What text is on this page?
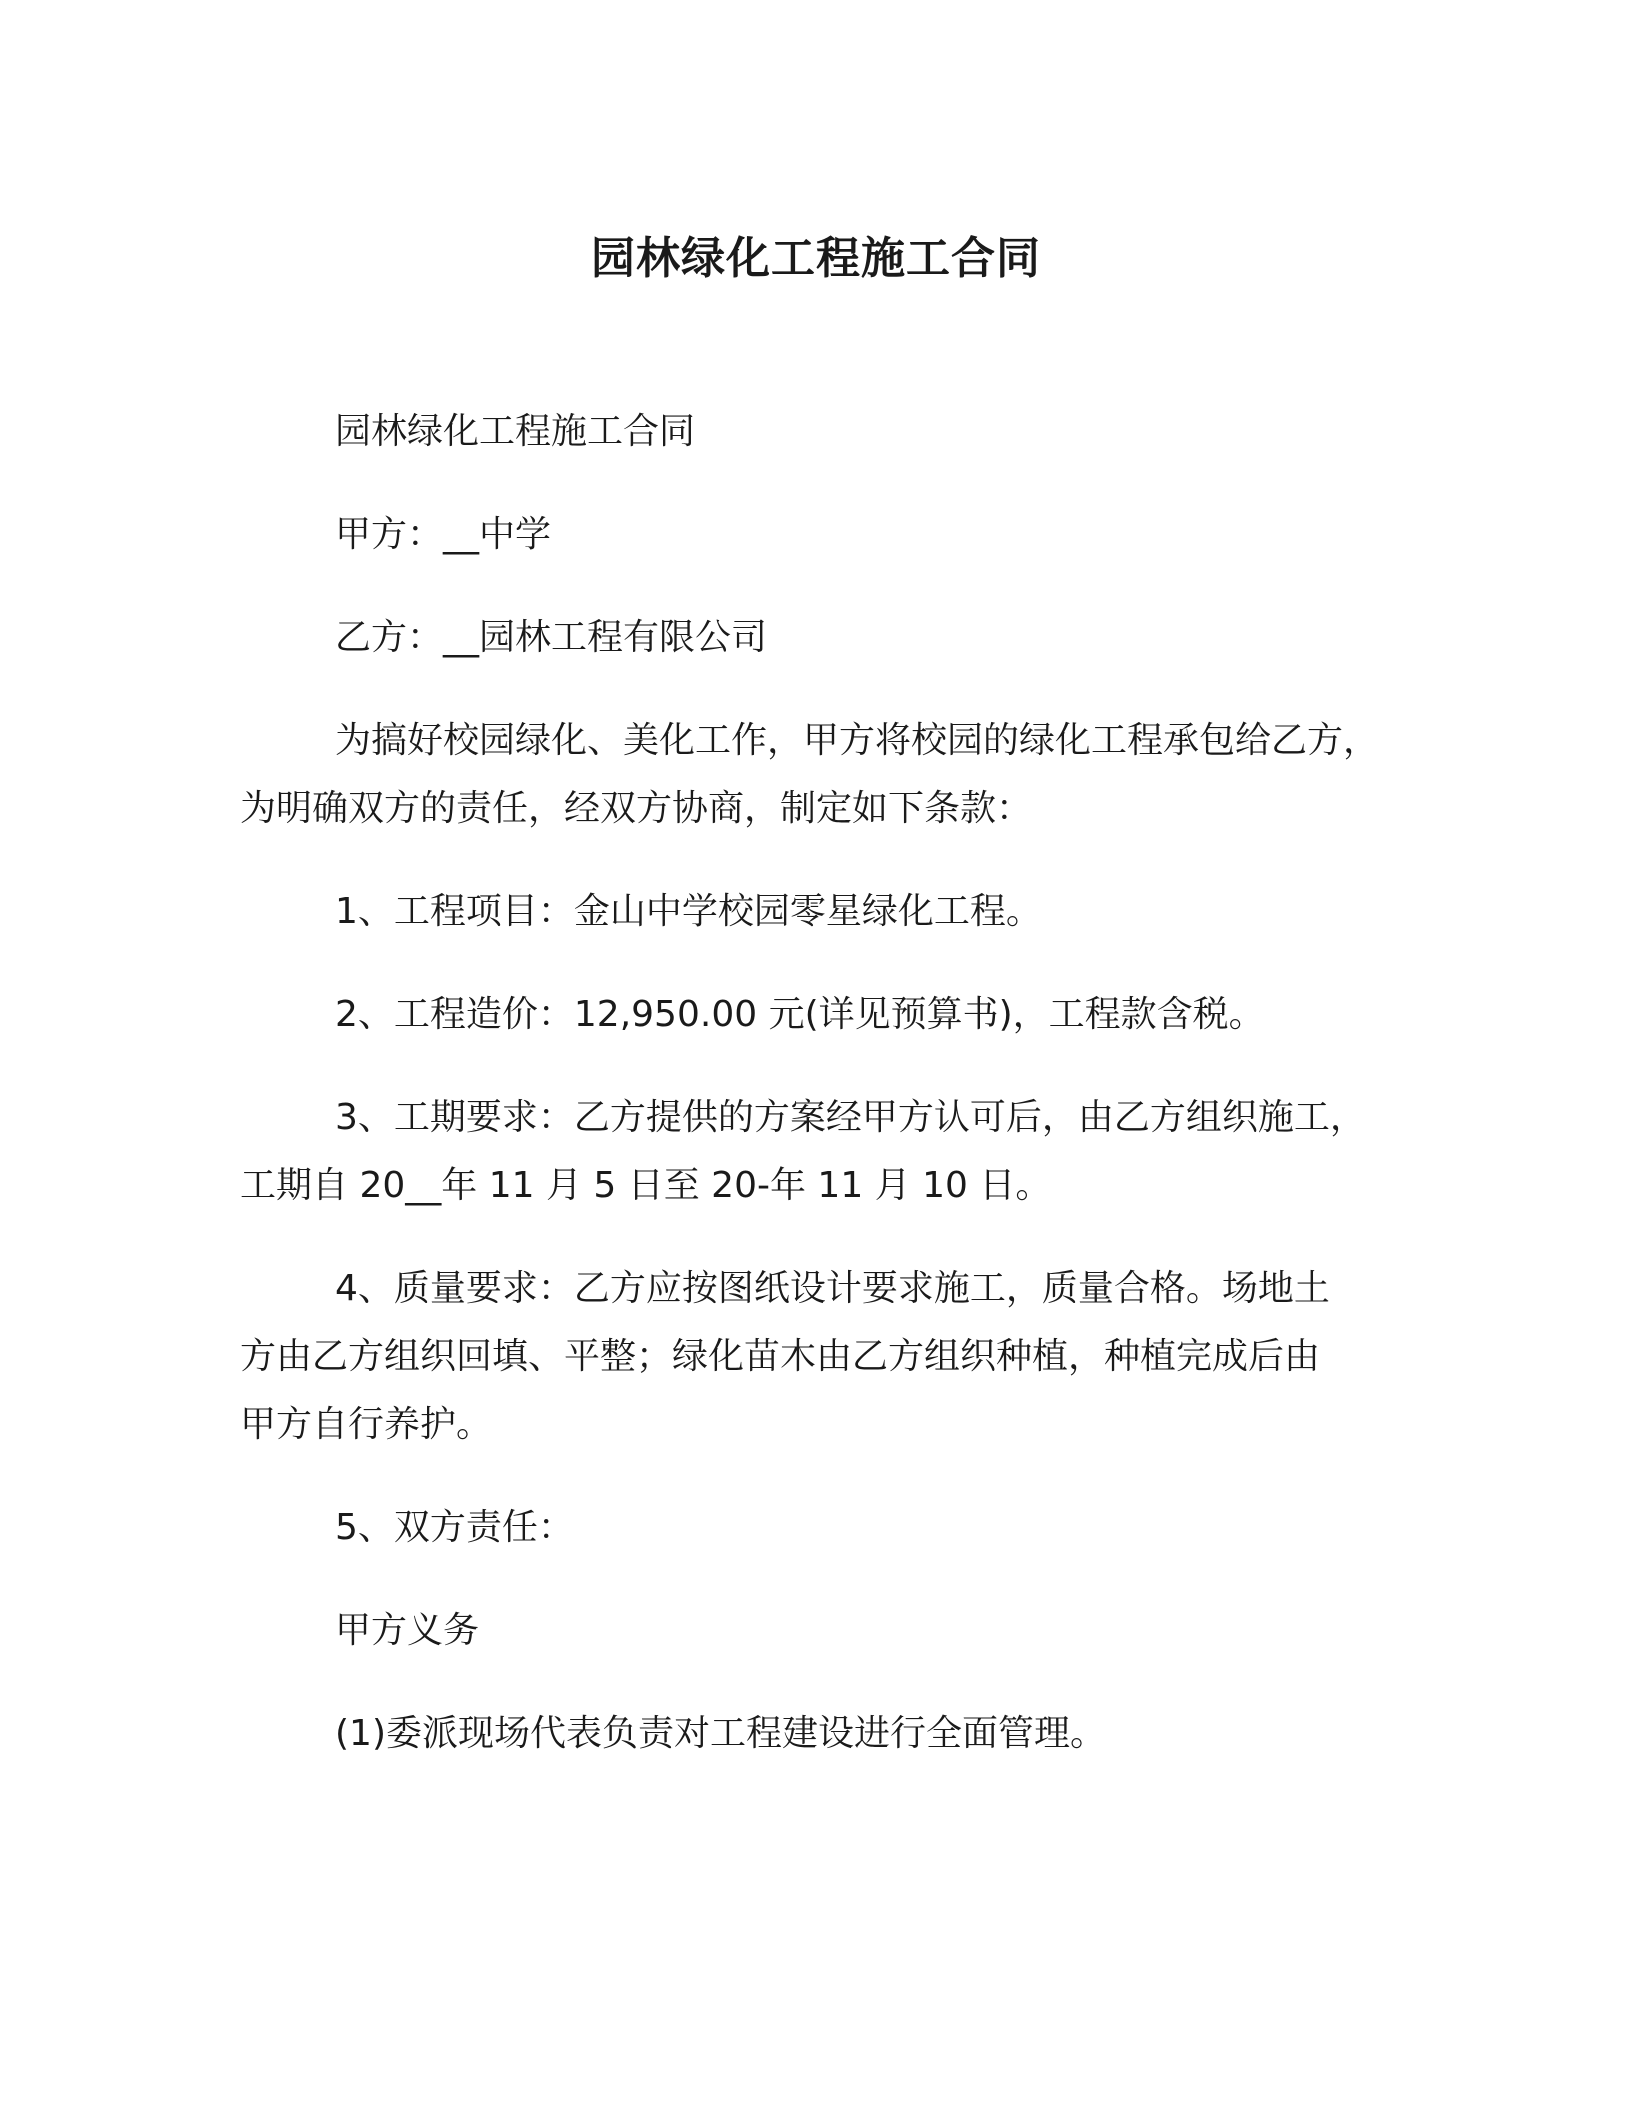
园林绿化工程施工合同

园林绿化工程施工合同

甲方：__中学

乙方：__园林工程有限公司

为搞好校园绿化、美化工作，甲方将校园的绿化工程承包给乙方，
为明确双方的责任，经双方协商，制定如下条款：

1、工程项目：金山中学校园零星绿化工程。

2、工程造价：12,950.00 元(详见预算书)，工程款含税。

3、工期要求：乙方提供的方案经甲方认可后，由乙方组织施工，
工期自 20__年 11 月 5 日至 20-年 11 月 10 日。

4、质量要求：乙方应按图纸设计要求施工，质量合格。场地土
方由乙方组织回填、平整；绿化苗木由乙方组织种植，种植完成后由
甲方自行养护。

5、双方责任：

甲方义务

(1)委派现场代表负责对工程建设进行全面管理。
